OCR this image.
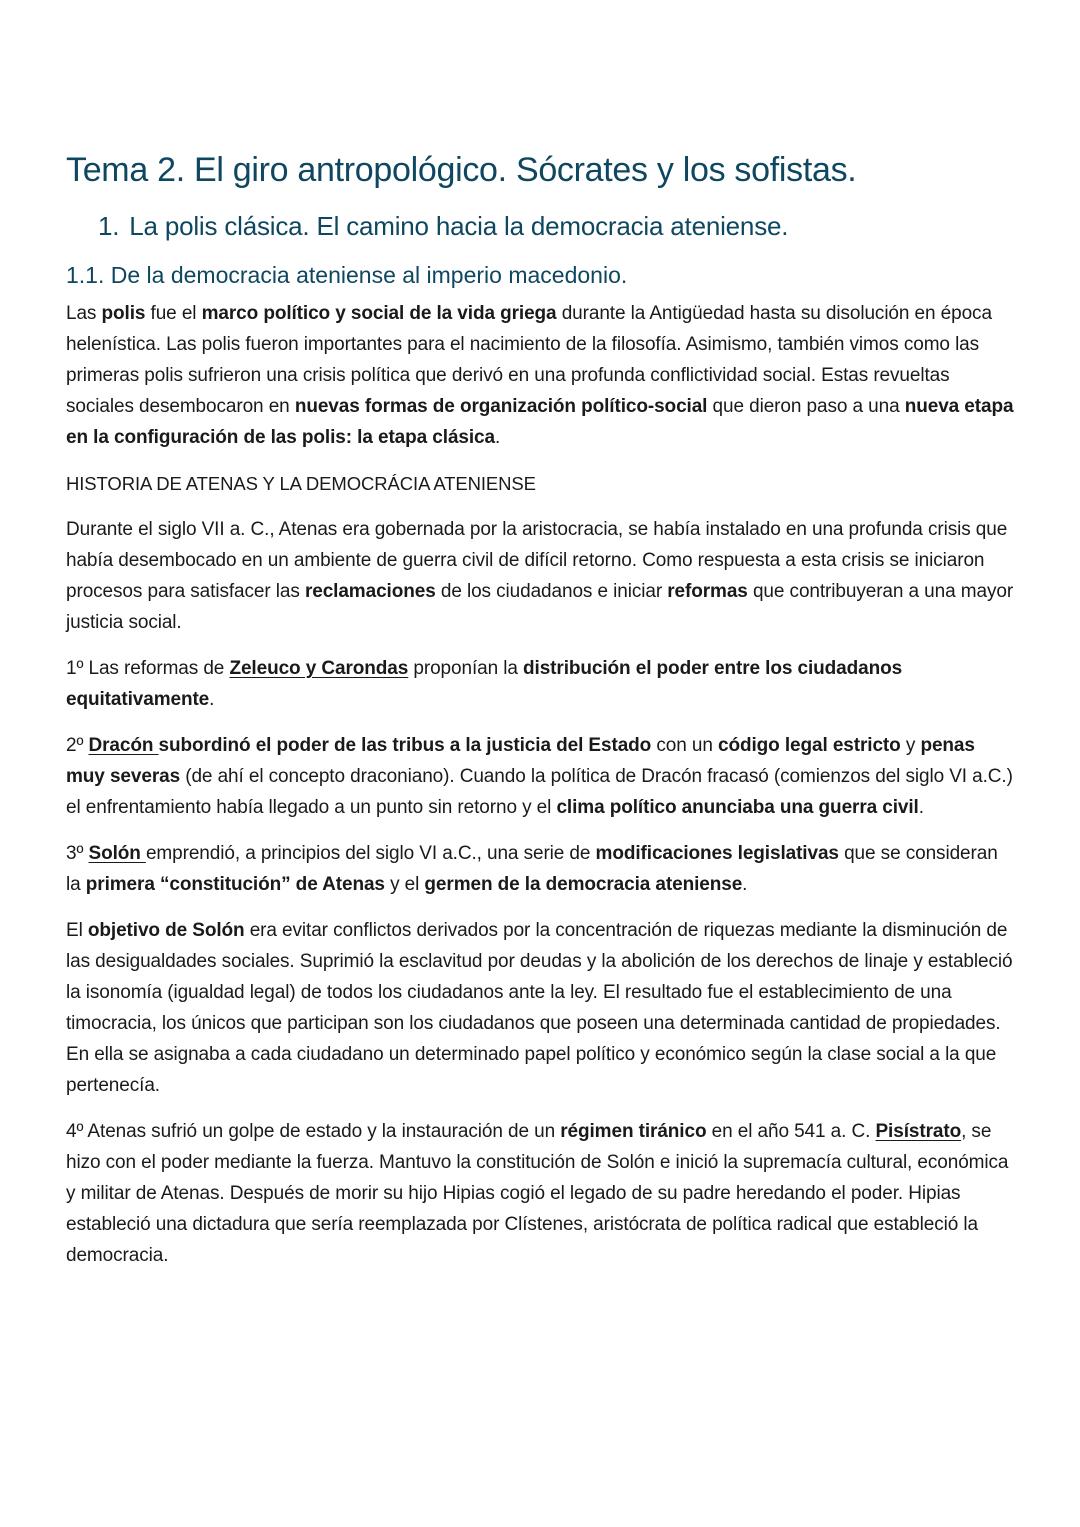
Tema 2. El giro antropológico. Sócrates y los sofistas.
1. La polis clásica. El camino hacia la democracia ateniense.
1.1. De la democracia ateniense al imperio macedonio.

Las polis fue el marco político y social de la vida griega durante la Antigüedad hasta su disolución en época helenística. Las polis fueron importantes para el nacimiento de la filosofía. Asimismo, también vimos como las primeras polis sufrieron una crisis política que derivó en una profunda conflictividad social. Estas revueltas sociales desembocaron en nuevas formas de organización político-social que dieron paso a una nueva etapa en la configuración de las polis: la etapa clásica.

HISTORIA DE ATENAS Y LA DEMOCRÁCIA ATENIENSE

Durante el siglo VII a. C., Atenas era gobernada por la aristocracia, se había instalado en una profunda crisis que había desembocado en un ambiente de guerra civil de difícil retorno. Como respuesta a esta crisis se iniciaron procesos para satisfacer las reclamaciones de los ciudadanos e iniciar reformas que contribuyeran a una mayor justicia social.

1º Las reformas de Zeleuco y Carondas proponían la distribución el poder entre los ciudadanos equitativamente.

2º Dracón subordinó el poder de las tribus a la justicia del Estado con un código legal estricto y penas muy severas (de ahí el concepto draconiano). Cuando la política de Dracón fracasó (comienzos del siglo VI a.C.) el enfrentamiento había llegado a un punto sin retorno y el clima político anunciaba una guerra civil.

3º Solón emprendió, a principios del siglo VI a.C., una serie de modificaciones legislativas que se consideran la primera “constitución” de Atenas y el germen de la democracia ateniense.

El objetivo de Solón era evitar conflictos derivados por la concentración de riquezas mediante la disminución de las desigualdades sociales. Suprimió la esclavitud por deudas y la abolición de los derechos de linaje y estableció la isonomía (igualdad legal) de todos los ciudadanos ante la ley. El resultado fue el establecimiento de una timocracia, los únicos que participan son los ciudadanos que poseen una determinada cantidad de propiedades. En ella se asignaba a cada ciudadano un determinado papel político y económico según la clase social a la que pertenecía.

4º Atenas sufrió un golpe de estado y la instauración de un régimen tiránico en el año 541 a. C. Pisístrato, se hizo con el poder mediante la fuerza. Mantuvo la constitución de Solón e inició la supremacía cultural, económica y militar de Atenas. Después de morir su hijo Hipias cogió el legado de su padre heredando el poder. Hipias estableció una dictadura que sería reemplazada por Clístenes, aristócrata de política radical que estableció la democracia.
